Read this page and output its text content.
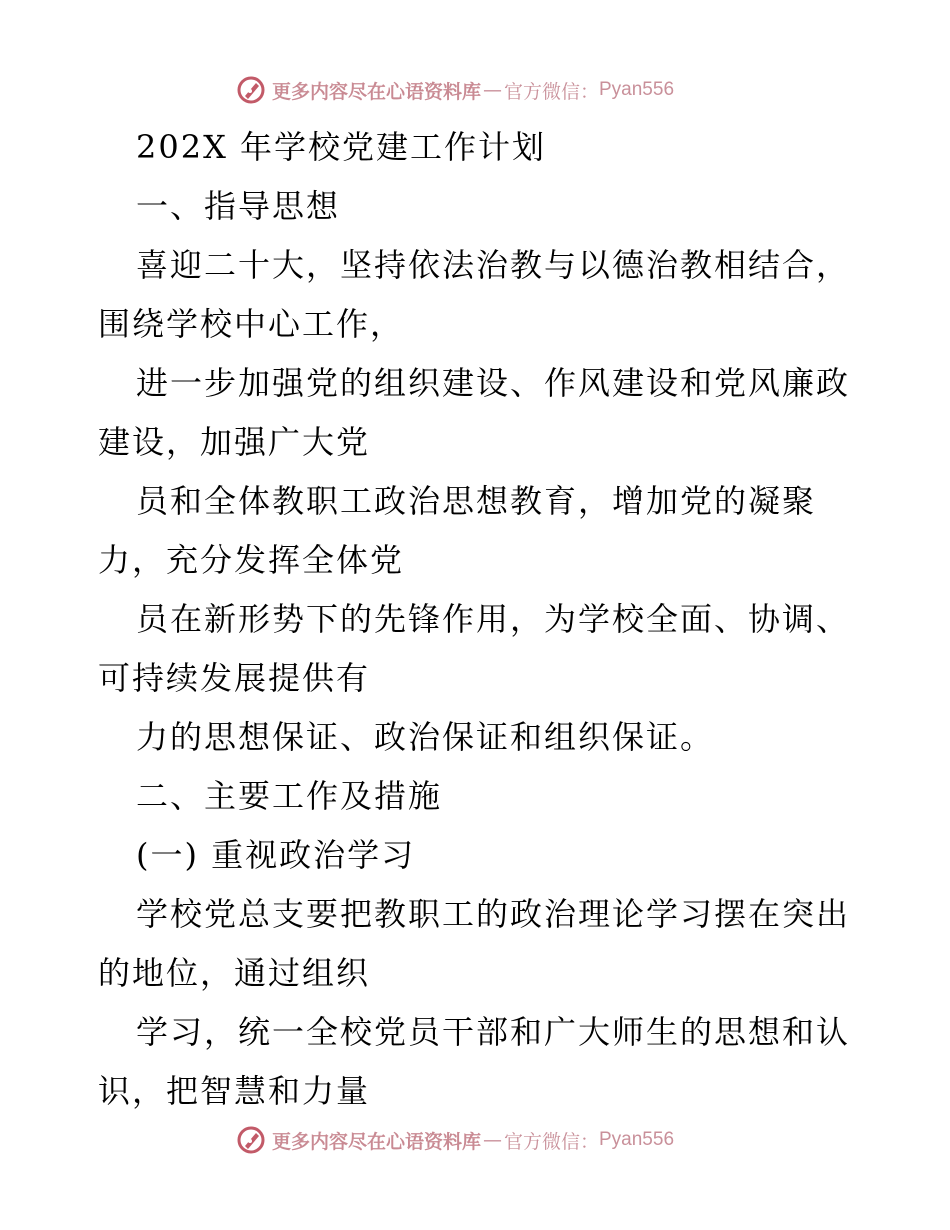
更多内容尽在心语资料库 — 官方微信： Pyan556
202X 年学校党建工作计划
一、指导思想
喜迎二十大，坚持依法治教与以德治教相结合，
围绕学校中心工作，
进一步加强党的组织建设、作风建设和党风廉政
建设，加强广大党
员和全体教职工政治思想教育，增加党的凝聚
力，充分发挥全体党
员在新形势下的先锋作用，为学校全面、协调、
可持续发展提供有
力的思想保证、政治保证和组织保证。
二、主要工作及措施
(一) 重视政治学习
学校党总支要把教职工的政治理论学习摆在突出
的地位，通过组织
学习，统一全校党员干部和广大师生的思想和认
识，把智慧和力量
更多内容尽在心语资料库 — 官方微信： Pyan556
